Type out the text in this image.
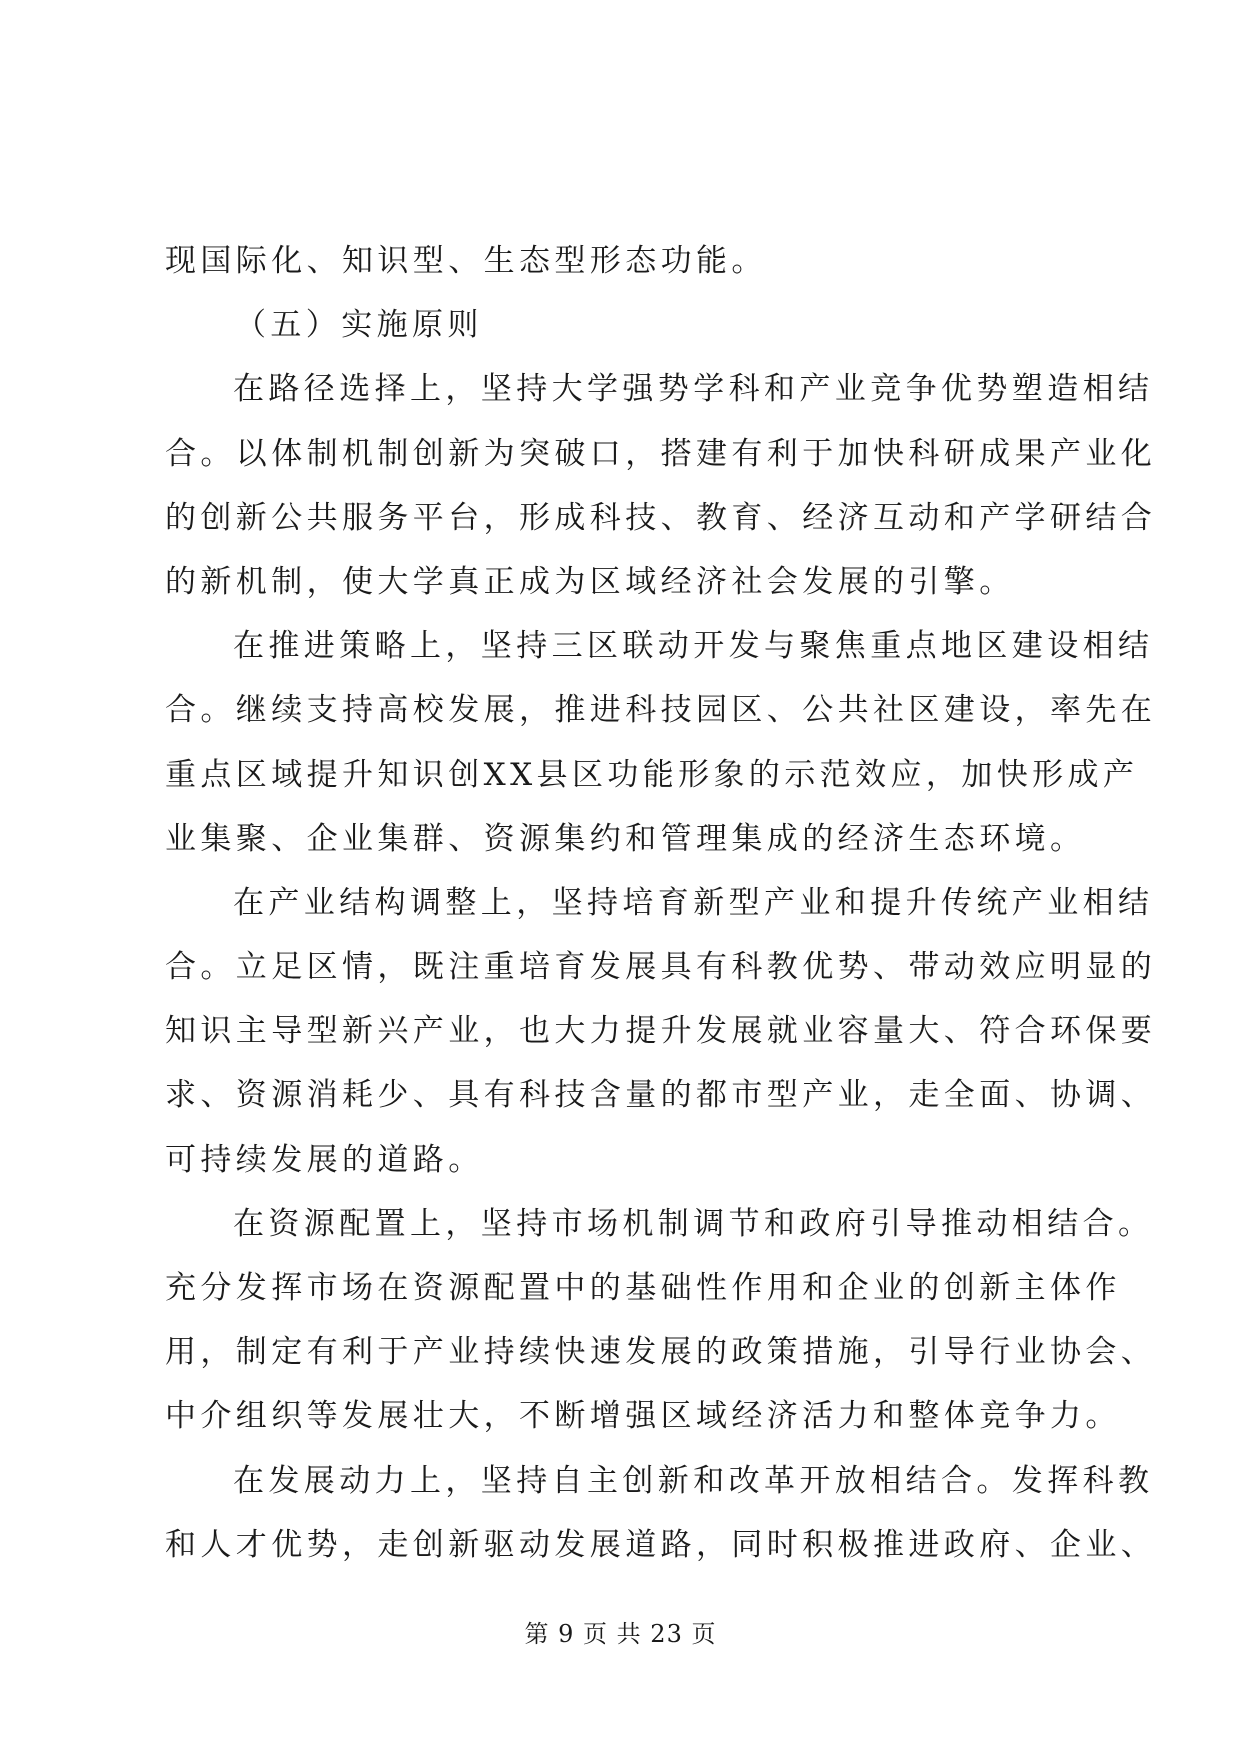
现国际化、知识型、生态型形态功能。
（五）实施原则
在路径选择上，坚持大学强势学科和产业竞争优势塑造相结
合。以体制机制创新为突破口，搭建有利于加快科研成果产业化
的创新公共服务平台，形成科技、教育、经济互动和产学研结合
的新机制，使大学真正成为区域经济社会发展的引擎。
在推进策略上，坚持三区联动开发与聚焦重点地区建设相结
合。继续支持高校发展，推进科技园区、公共社区建设，率先在
重点区域提升知识创XX县区功能形象的示范效应，加快形成产
业集聚、企业集群、资源集约和管理集成的经济生态环境。
在产业结构调整上，坚持培育新型产业和提升传统产业相结
合。立足区情，既注重培育发展具有科教优势、带动效应明显的
知识主导型新兴产业，也大力提升发展就业容量大、符合环保要
求、资源消耗少、具有科技含量的都市型产业，走全面、协调、
可持续发展的道路。
在资源配置上，坚持市场机制调节和政府引导推动相结合。
充分发挥市场在资源配置中的基础性作用和企业的创新主体作
用，制定有利于产业持续快速发展的政策措施，引导行业协会、
中介组织等发展壮大，不断增强区域经济活力和整体竞争力。
在发展动力上，坚持自主创新和改革开放相结合。发挥科教
和人才优势，走创新驱动发展道路，同时积极推进政府、企业、
第 9 页 共 23 页
